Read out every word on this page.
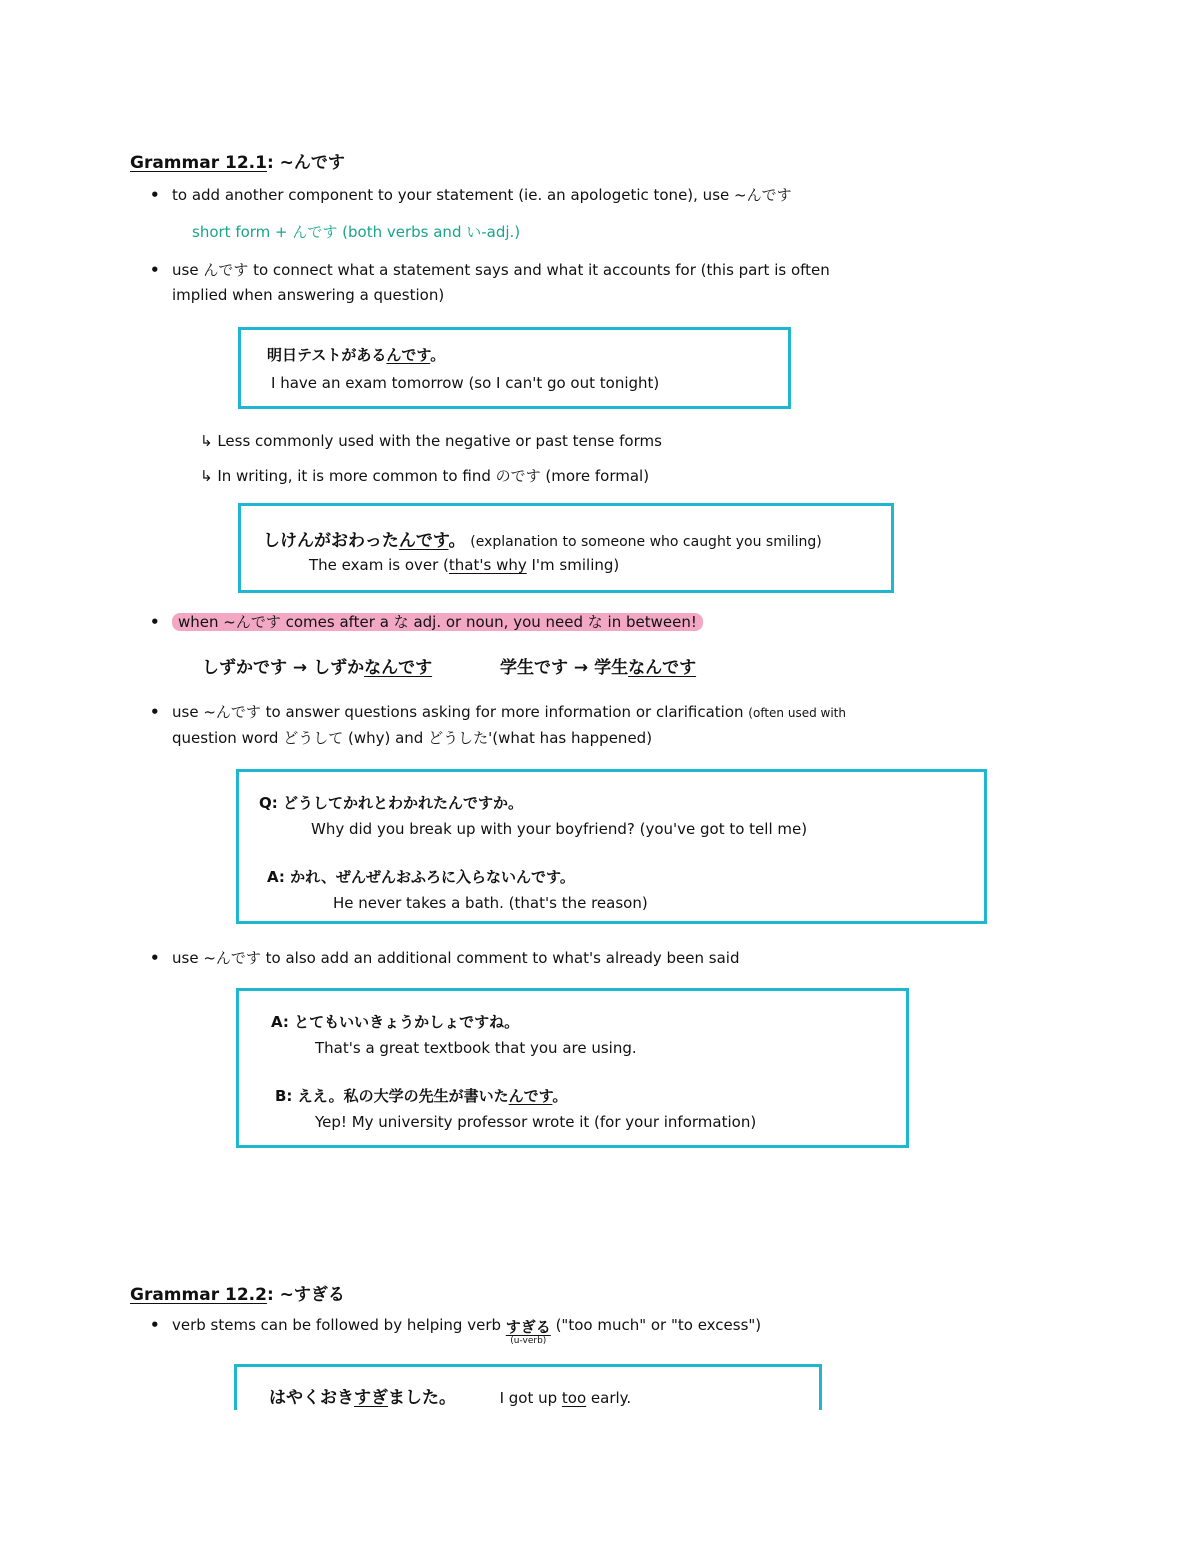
Grammar 12.1: ~んです
• to add another component to your statement (ie. an apologetic tone), use ~んです
short form + んです (both verbs and い-adj.)
• use んです to connect what a statement says and what it accounts for (this part is often
implied when answering a question)
明日テストがあるんです。
I have an exam tomorrow (so I can't go out tonight)
↳ Less commonly used with the negative or past tense forms
↳ In writing, it is more common to find のです (more formal)
しけんがおわったんです。 (explanation to someone who caught you smiling)
The exam is over (that's why I'm smiling)
• when ~んです comes after a な adj. or noun, you need な in between!
しずかです → しずかなんです	学生です → 学生なんです
• use ~んです to answer questions asking for more information or clarification (often used with
question word どうして (why) and どうした'(what has happened)
Q: どうしてかれとわかれたんですか。
Why did you break up with your boyfriend? (you've got to tell me)
A: かれ、ぜんぜんおふろに入らないんです。
He never takes a bath. (that's the reason)
• use ~んです to also add an additional comment to what's already been said
A: とてもいいきょうかしょですね。
That's a great textbook that you are using.
B: ええ。私の大学の先生が書いたんです。
Yep! My university professor wrote it (for your information)
Grammar 12.2: ~すぎる
• verb stems can be followed by helping verb すぎる
(u-verb)
("too much" or "to excess")
はやくおきすぎました。	I got up too early.
